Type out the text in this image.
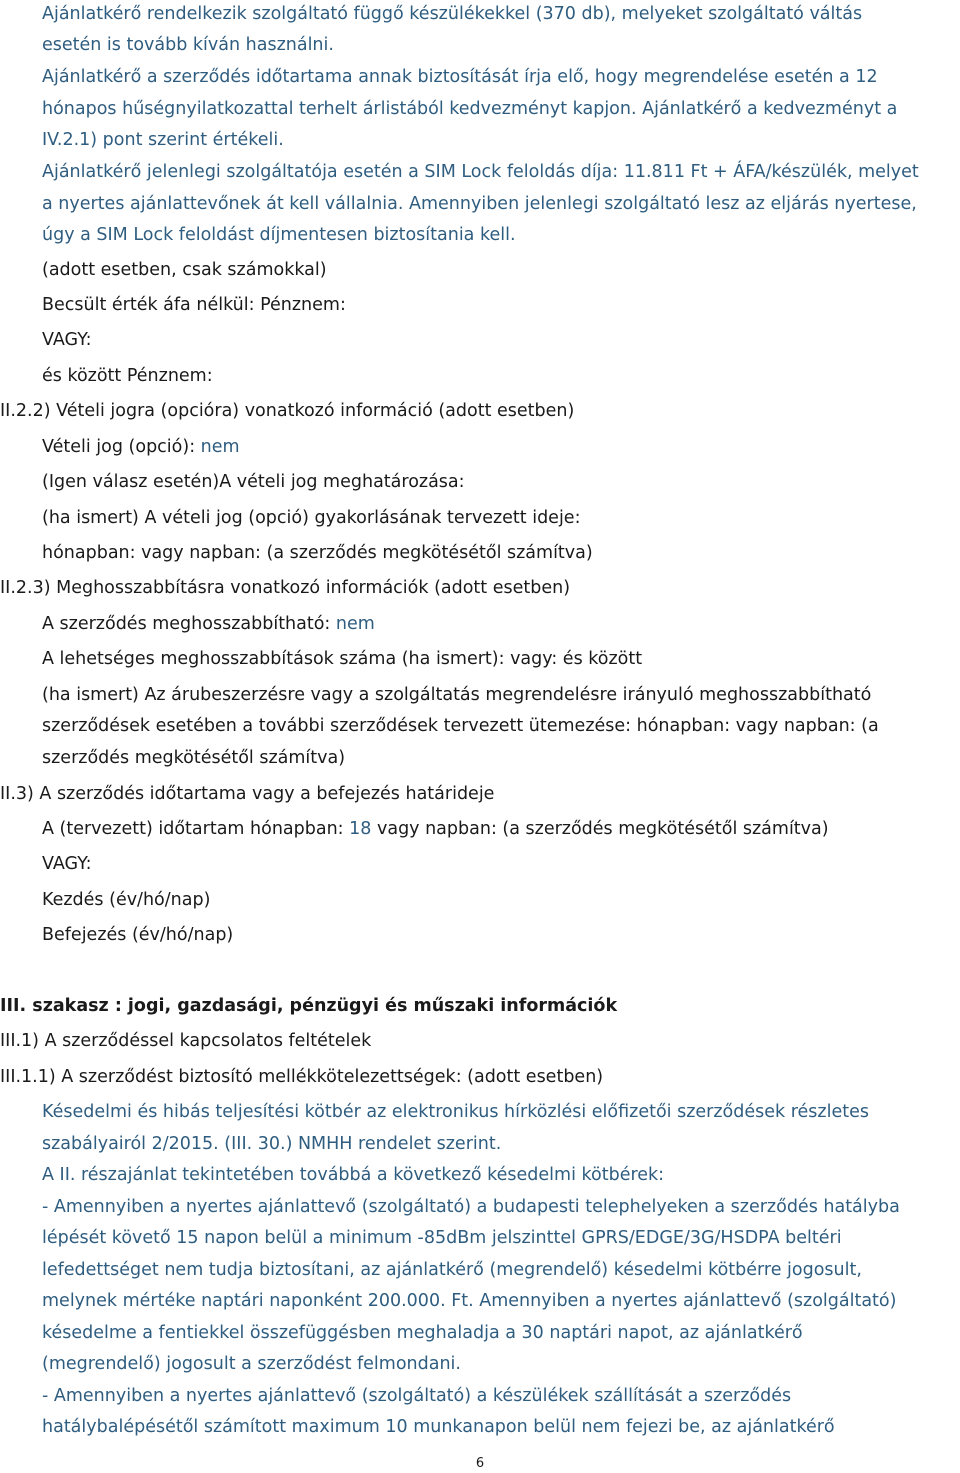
Ajánlatkérő rendelkezik szolgáltató függő készülékekkel (370 db), melyeket szolgáltató váltás
esetén is tovább kíván használni.
Ajánlatkérő a szerződés időtartama annak biztosítását írja elő, hogy megrendelése esetén a 12
hónapos hűségnyilatkozattal terhelt árlistából kedvezményt kapjon. Ajánlatkérő a kedvezményt a
IV.2.1) pont szerint értékeli.
Ajánlatkérő jelenlegi szolgáltatója esetén a SIM Lock feloldás díja: 11.811 Ft + ÁFA/készülék, melyet
a nyertes ajánlattevőnek át kell vállalnia. Amennyiben jelenlegi szolgáltató lesz az eljárás nyertese,
úgy a SIM Lock feloldást díjmentesen biztosítania kell.
(adott esetben, csak számokkal)
Becsült érték áfa nélkül: Pénznem:
VAGY:
és között Pénznem:
II.2.2) Vételi jogra (opcióra) vonatkozó információ (adott esetben)
Vételi jog (opció): nem
(Igen válasz esetén)A vételi jog meghatározása:
(ha ismert) A vételi jog (opció) gyakorlásának tervezett ideje:
hónapban: vagy napban: (a szerződés megkötésétől számítva)
II.2.3) Meghosszabbításra vonatkozó információk (adott esetben)
A szerződés meghosszabbítható: nem
A lehetséges meghosszabbítások száma (ha ismert): vagy: és között
(ha ismert) Az árubeszerzésre vagy a szolgáltatás megrendelésre irányuló meghosszabbítható
szerződések esetében a további szerződések tervezett ütemezése: hónapban: vagy napban: (a
szerződés megkötésétől számítva)
II.3) A szerződés időtartama vagy a befejezés határideje
A (tervezett) időtartam hónapban: 18 vagy napban: (a szerződés megkötésétől számítva)
VAGY:
Kezdés (év/hó/nap)
Befejezés (év/hó/nap)
III. szakasz : jogi, gazdasági, pénzügyi és műszaki információk
III.1) A szerződéssel kapcsolatos feltételek
III.1.1) A szerződést biztosító mellékkötelezettségek: (adott esetben)
Késedelmi és hibás teljesítési kötbér az elektronikus hírközlési előfizetői szerződések részletes
szabályairól 2/2015. (III. 30.) NMHH rendelet szerint.
A II. részajánlat tekintetében továbbá a következő késedelmi kötbérek:
- Amennyiben a nyertes ajánlattevő (szolgáltató) a budapesti telephelyeken a szerződés hatályba
lépését követő 15 napon belül a minimum -85dBm jelszinttel GPRS/EDGE/3G/HSDPA beltéri
lefedettséget nem tudja biztosítani, az ajánlatkérő (megrendelő) késedelmi kötbérre jogosult,
melynek mértéke naptári naponként 200.000. Ft. Amennyiben a nyertes ajánlattevő (szolgáltató)
késedelme a fentiekkel összefüggésben meghaladja a 30 naptári napot, az ajánlatkérő
(megrendelő) jogosult a szerződést felmondani.
- Amennyiben a nyertes ajánlattevő (szolgáltató) a készülékek szállítását a szerződés
hatálybalépésétől számított maximum 10 munkanapon belül nem fejezi be, az ajánlatkérő
6
